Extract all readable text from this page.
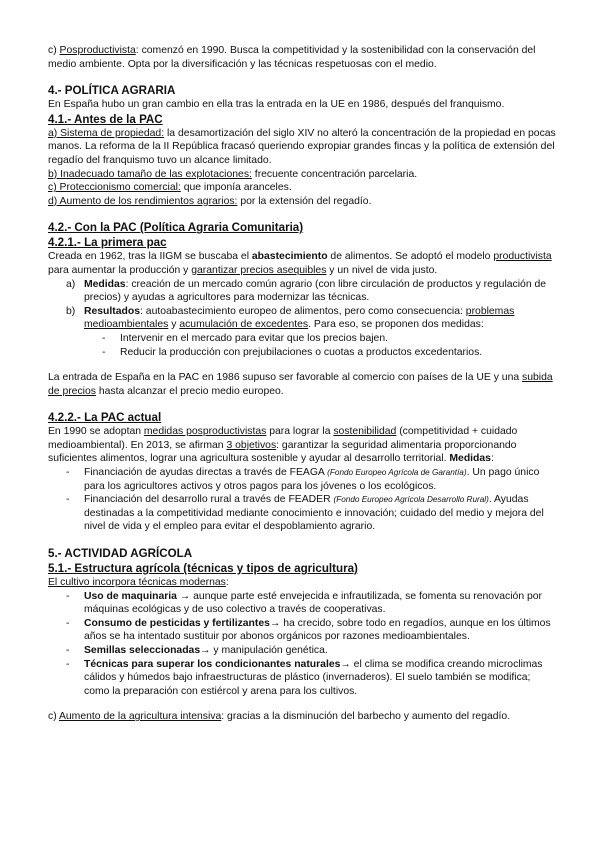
c) Posproductivista: comenzó en 1990. Busca la competitividad y la sostenibilidad con la conservación del medio ambiente. Opta por la diversificación y las técnicas respetuosas con el medio.

4.- POLÍTICA AGRARIA

En España hubo un gran cambio en ella tras la entrada en la UE en 1986, después del franquismo.

4.1.- Antes de la PAC

a) Sistema de propiedad: la desamortización del siglo XIV no alteró la concentración de la propiedad en pocas manos. La reforma de la II República fracasó queriendo expropiar grandes fincas y la política de extensión del regadío del franquismo tuvo un alcance limitado.

b) Inadecuado tamaño de las explotaciones: frecuente concentración parcelaria.

c) Proteccionismo comercial: que imponía aranceles.

d) Aumento de los rendimientos agrarios: por la extensión del regadío.

4.2.- Con la PAC (Política Agraria Comunitaria)

4.2.1.- La primera pac

Creada en 1962, tras la IIGM se buscaba el abastecimiento de alimentos. Se adoptó el modelo productivista para aumentar la producción y garantizar precios asequibles y un nivel de vida justo.

a) Medidas: creación de un mercado común agrario (con libre circulación de productos y regulación de precios) y ayudas a agricultores para modernizar las técnicas.
b) Resultados: autoabastecimiento europeo de alimentos, pero como consecuencia: problemas medioambientales y acumulación de excedentes. Para eso, se proponen dos medidas:
-	Intervenir en el mercado para evitar que los precios bajen.
-	Reducir la producción con prejubilaciones o cuotas a productos excedentarios.

La entrada de España en la PAC en 1986 supuso ser favorable al comercio con países de la UE y una subida de precios hasta alcanzar el precio medio europeo.

4.2.2.- La PAC actual

En 1990 se adoptan medidas posproductivistas para lograr la sostenibilidad (competitividad + cuidado medioambiental). En 2013, se afirman 3 objetivos: garantizar la seguridad alimentaria proporcionando suficientes alimentos, lograr una agricultura sostenible y ayudar al desarrollo territorial. Medidas:

-	Financiación de ayudas directas a través de FEAGA (Fondo Europeo Agrícola de Garantía). Un pago único para los agricultores activos y otros pagos para los jóvenes o los ecológicos.
-	Financiación del desarrollo rural a través de FEADER (Fondo Europeo Agrícola Desarrollo Rural). Ayudas destinadas a la competitividad mediante conocimiento e innovación; cuidado del medio y mejora del nivel de vida y el empleo para evitar el despoblamiento agrario.

5.- ACTIVIDAD AGRÍCOLA

5.1.- Estructura agrícola (técnicas y tipos de agricultura)

El cultivo incorpora técnicas modernas:

-	Uso de maquinaria → aunque parte esté envejecida e infrautilizada, se fomenta su renovación por máquinas ecológicas y de uso colectivo a través de cooperativas.
-	Consumo de pesticidas y fertilizantes→ ha crecido, sobre todo en regadíos, aunque en los últimos años se ha intentado sustituir por abonos orgánicos por razones medioambientales.
-	Semillas seleccionadas→ y manipulación genética.
-	Técnicas para superar los condicionantes naturales→ el clima se modifica creando microclimas cálidos y húmedos bajo infraestructuras de plástico (invernaderos). El suelo también se modifica; como la preparación con estiércol y arena para los cultivos.

c) Aumento de la agricultura intensiva: gracias a la disminución del barbecho y aumento del regadío.
